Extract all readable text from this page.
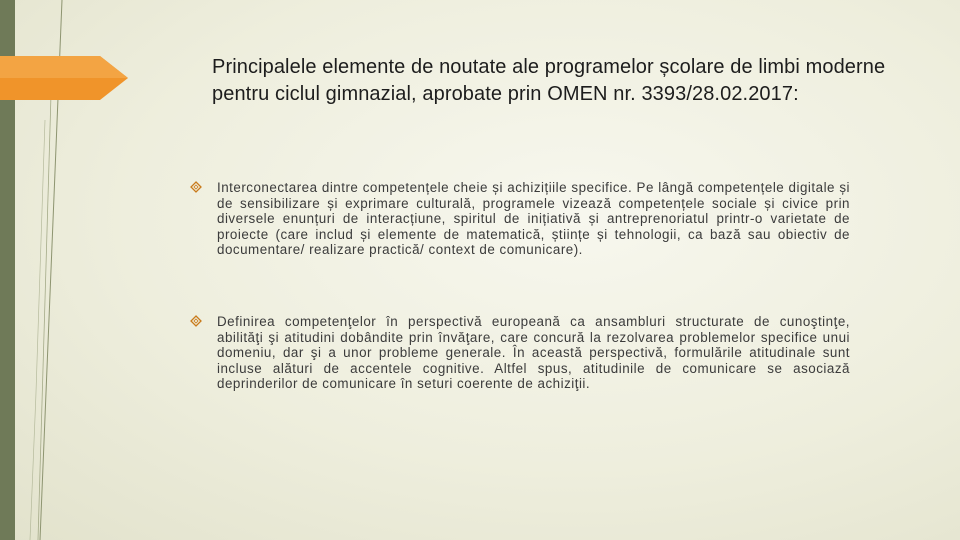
Principalele elemente de noutate ale programelor școlare de limbi moderne pentru ciclul gimnazial, aprobate prin OMEN nr. 3393/28.02.2017:
Interconectarea dintre competențele cheie și achizițiile specifice. Pe lângă competențele digitale și de sensibilizare și exprimare culturală, programele vizează competențele sociale și civice prin diversele enunțuri de interacțiune, spiritul de inițiativă și antreprenoriatul printr-o varietate de proiecte (care includ și elemente de matematică, științe și tehnologii, ca bază sau obiectiv de documentare/ realizare practică/ context de comunicare).
Definirea competenţelor în perspectivă europeană ca ansambluri structurate de cunoştinţe, abilităţi şi atitudini dobândite prin învăţare, care concură la rezolvarea problemelor specifice unui domeniu, dar şi a unor probleme generale. În această perspectivă, formulările atitudinale sunt incluse alături de accentele cognitive. Altfel spus, atitudinile de comunicare se asociază deprinderilor de comunicare în seturi coerente de achiziţii.
